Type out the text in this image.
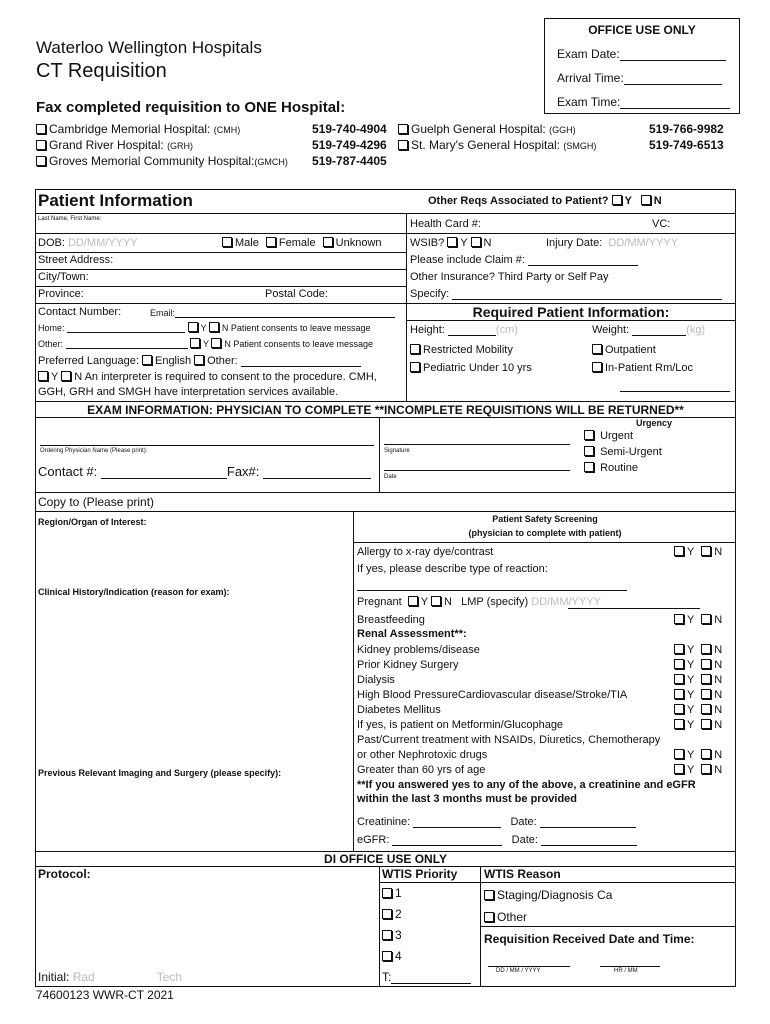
Waterloo Wellington Hospitals
CT Requisition
Fax completed requisition to ONE Hospital:
OFFICE USE ONLY
Exam Date:
Arrival Time:
Exam Time:
Cambridge Memorial Hospital: (CMH)	519-740-4904
Grand River Hospital: (GRH)	519-749-4296
Groves Memorial Community Hospital:(GMCH) 519-787-4405
Guelph General Hospital: (GGH)	519-766-9982
St. Mary's General Hospital: (SMGH)	519-749-6513
Patient Information	Other Reqs Associated to Patient? Y N
Last Name, First Name:	Health Card #:	VC:
DOB: DD/MM/YYYY	Male Female Unknown	WSIB? Y N	Injury Date: DD/MM/YYYY
Street Address:	Please include Claim #:
City/Town:	Other Insurance? Third Party or Self Pay
Province:	Postal Code:	Specify:
Contact Number:	Email:
Home:	Y N Patient consents to leave message
Other:	Y N Patient consents to leave message
Preferred Language: English Other:
Y N An interpreter is required to consent to the procedure. CMH,
GGH, GRH and SMGH have interpretation services available.
Required Patient Information:
Height:	(cm)	Weight:	(kg)
Restricted Mobility	Outpatient
Pediatric Under 10 yrs	In-Patient Rm/Loc
EXAM INFORMATION: PHYSICIAN TO COMPLETE **INCOMPLETE REQUISITIONS WILL BE RETURNED**
Urgency
Ordering Physician Name (Please print):	Signature
Contact #:	Fax#:	Date
Urgent
Semi-Urgent
Routine
Copy to (Please print)
Region/Organ of Interest:
Clinical History/Indication (reason for exam):
Previous Relevant Imaging and Surgery (please specify):
Patient Safety Screening
(physician to complete with patient)
Allergy to x-ray dye/contrast	Y N
If yes, please describe type of reaction:
Pregnant Y N   LMP (specify) DD/MM/YYYY
Breastfeeding	Y N
Renal Assessment**:
Kidney problems/disease	Y N
Prior Kidney Surgery	Y N
Dialysis	Y N
High Blood PressureCardiovascular disease/Stroke/TIA	Y N
Diabetes Mellitus	Y N
If yes, is patient on Metformin/Glucophage	Y N
Past/Current treatment with NSAIDs, Diuretics, Chemotherapy
or other Nephrotoxic drugs	Y N
Greater than 60 yrs of age	Y N
**If you answered yes to any of the above, a creatinine and eGFR
within the last 3 months must be provided
Creatinine:	Date:
eGFR:	Date:
DI OFFICE USE ONLY
Protocol:	WTIS Priority
1
2
3
4
T:
WTIS Reason
Staging/Diagnosis Ca
Other
Requisition Received Date and Time:
DD / MM / YYYY	HR / MM
Initial: Rad	Tech
74600123 WWR-CT 2021
